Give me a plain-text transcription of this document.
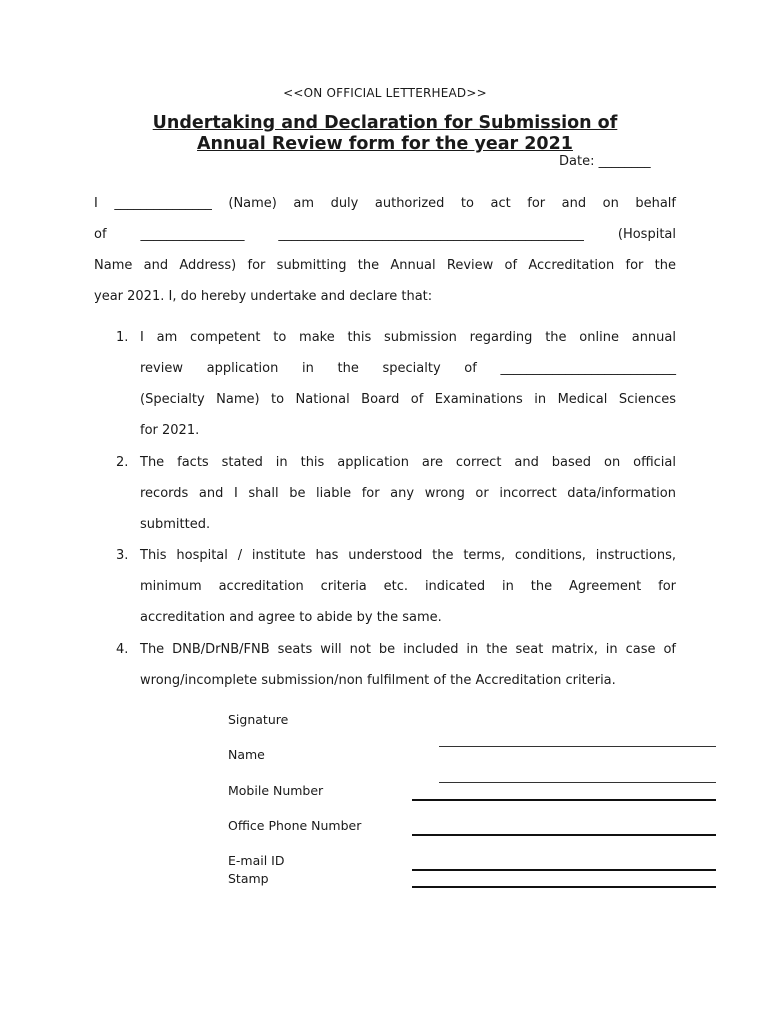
<<ON OFFICIAL LETTERHEAD>>
Undertaking and Declaration for Submission of
Annual Review form for the year 2021
Date: ________
I _______________ (Name) am duly authorized to act for and on behalf
of ________________ _______________________________________________ (Hospital
Name and Address) for submitting the Annual Review of Accreditation for the
year 2021. I, do hereby undertake and declare that:
1. I am competent to make this submission regarding the online annual
review application in the specialty of ___________________________
(Specialty Name) to National Board of Examinations in Medical Sciences
for 2021.
2. The facts stated in this application are correct and based on official
records and I shall be liable for any wrong or incorrect data/information
submitted.
3. This hospital / institute has understood the terms, conditions, instructions,
minimum accreditation criteria etc. indicated in the Agreement for
accreditation and agree to abide by the same.
4. The DNB/DrNB/FNB seats will not be included in the seat matrix, in case of
wrong/incomplete submission/non fulfilment of the Accreditation criteria.
Signature
Name
Mobile Number
Office Phone Number
E-mail ID
Stamp
